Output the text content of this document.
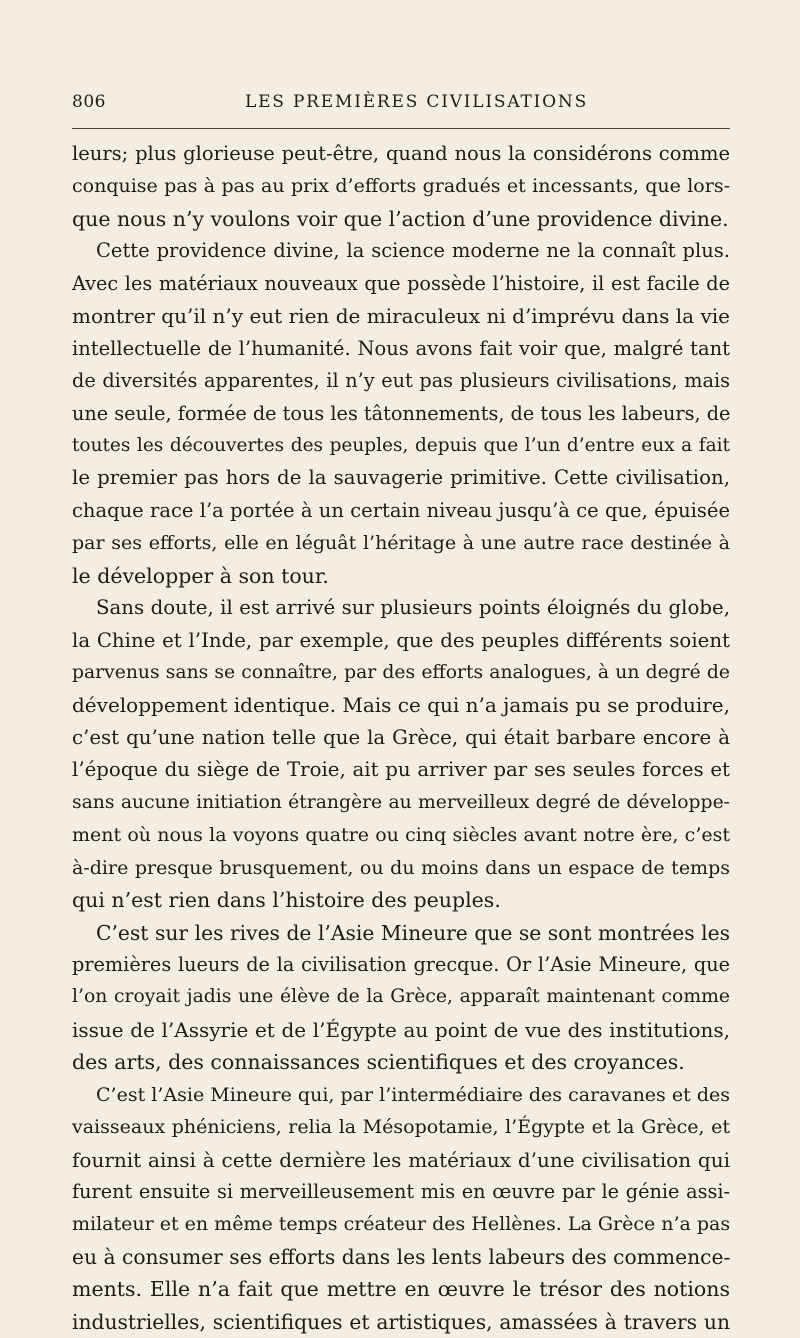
806	LES PREMIÈRES CIVILISATIONS
leurs; plus glorieuse peut-être, quand nous la considérons comme
conquise pas à pas au prix d’efforts gradués et incessants, que lors-
que nous n’y voulons voir que l’action d’une providence divine.
Cette providence divine, la science moderne ne la connaît plus.
Avec les matériaux nouveaux que possède l’histoire, il est facile de
montrer qu’il n’y eut rien de miraculeux ni d’imprévu dans la vie
intellectuelle de l’humanité. Nous avons fait voir que, malgré tant
de diversités apparentes, il n’y eut pas plusieurs civilisations, mais
une seule, formée de tous les tâtonnements, de tous les labeurs, de
toutes les découvertes des peuples, depuis que l’un d’entre eux a fait
le premier pas hors de la sauvagerie primitive. Cette civilisation,
chaque race l’a portée à un certain niveau jusqu’à ce que, épuisée
par ses efforts, elle en léguât l’héritage à une autre race destinée à
le développer à son tour.
Sans doute, il est arrivé sur plusieurs points éloignés du globe,
la Chine et l’Inde, par exemple, que des peuples différents soient
parvenus sans se connaître, par des efforts analogues, à un degré de
développement identique. Mais ce qui n’a jamais pu se produire,
c’est qu’une nation telle que la Grèce, qui était barbare encore à
l’époque du siège de Troie, ait pu arriver par ses seules forces et
sans aucune initiation étrangère au merveilleux degré de développe-
ment où nous la voyons quatre ou cinq siècles avant notre ère, c’est
à-dire presque brusquement, ou du moins dans un espace de temps
qui n’est rien dans l’histoire des peuples.
C’est sur les rives de l’Asie Mineure que se sont montrées les
premières lueurs de la civilisation grecque. Or l’Asie Mineure, que
l’on croyait jadis une élève de la Grèce, apparaît maintenant comme
issue de l’Assyrie et de l’Égypte au point de vue des institutions,
des arts, des connaissances scientifiques et des croyances.
C’est l’Asie Mineure qui, par l’intermédiaire des caravanes et des
vaisseaux phéniciens, relia la Mésopotamie, l’Égypte et la Grèce, et
fournit ainsi à cette dernière les matériaux d’une civilisation qui
furent ensuite si merveilleusement mis en œuvre par le génie assi-
milateur et en même temps créateur des Hellènes. La Grèce n’a pas
eu à consumer ses efforts dans les lents labeurs des commence-
ments. Elle n’a fait que mettre en œuvre le trésor des notions
industrielles, scientifiques et artistiques, amassées à travers un
